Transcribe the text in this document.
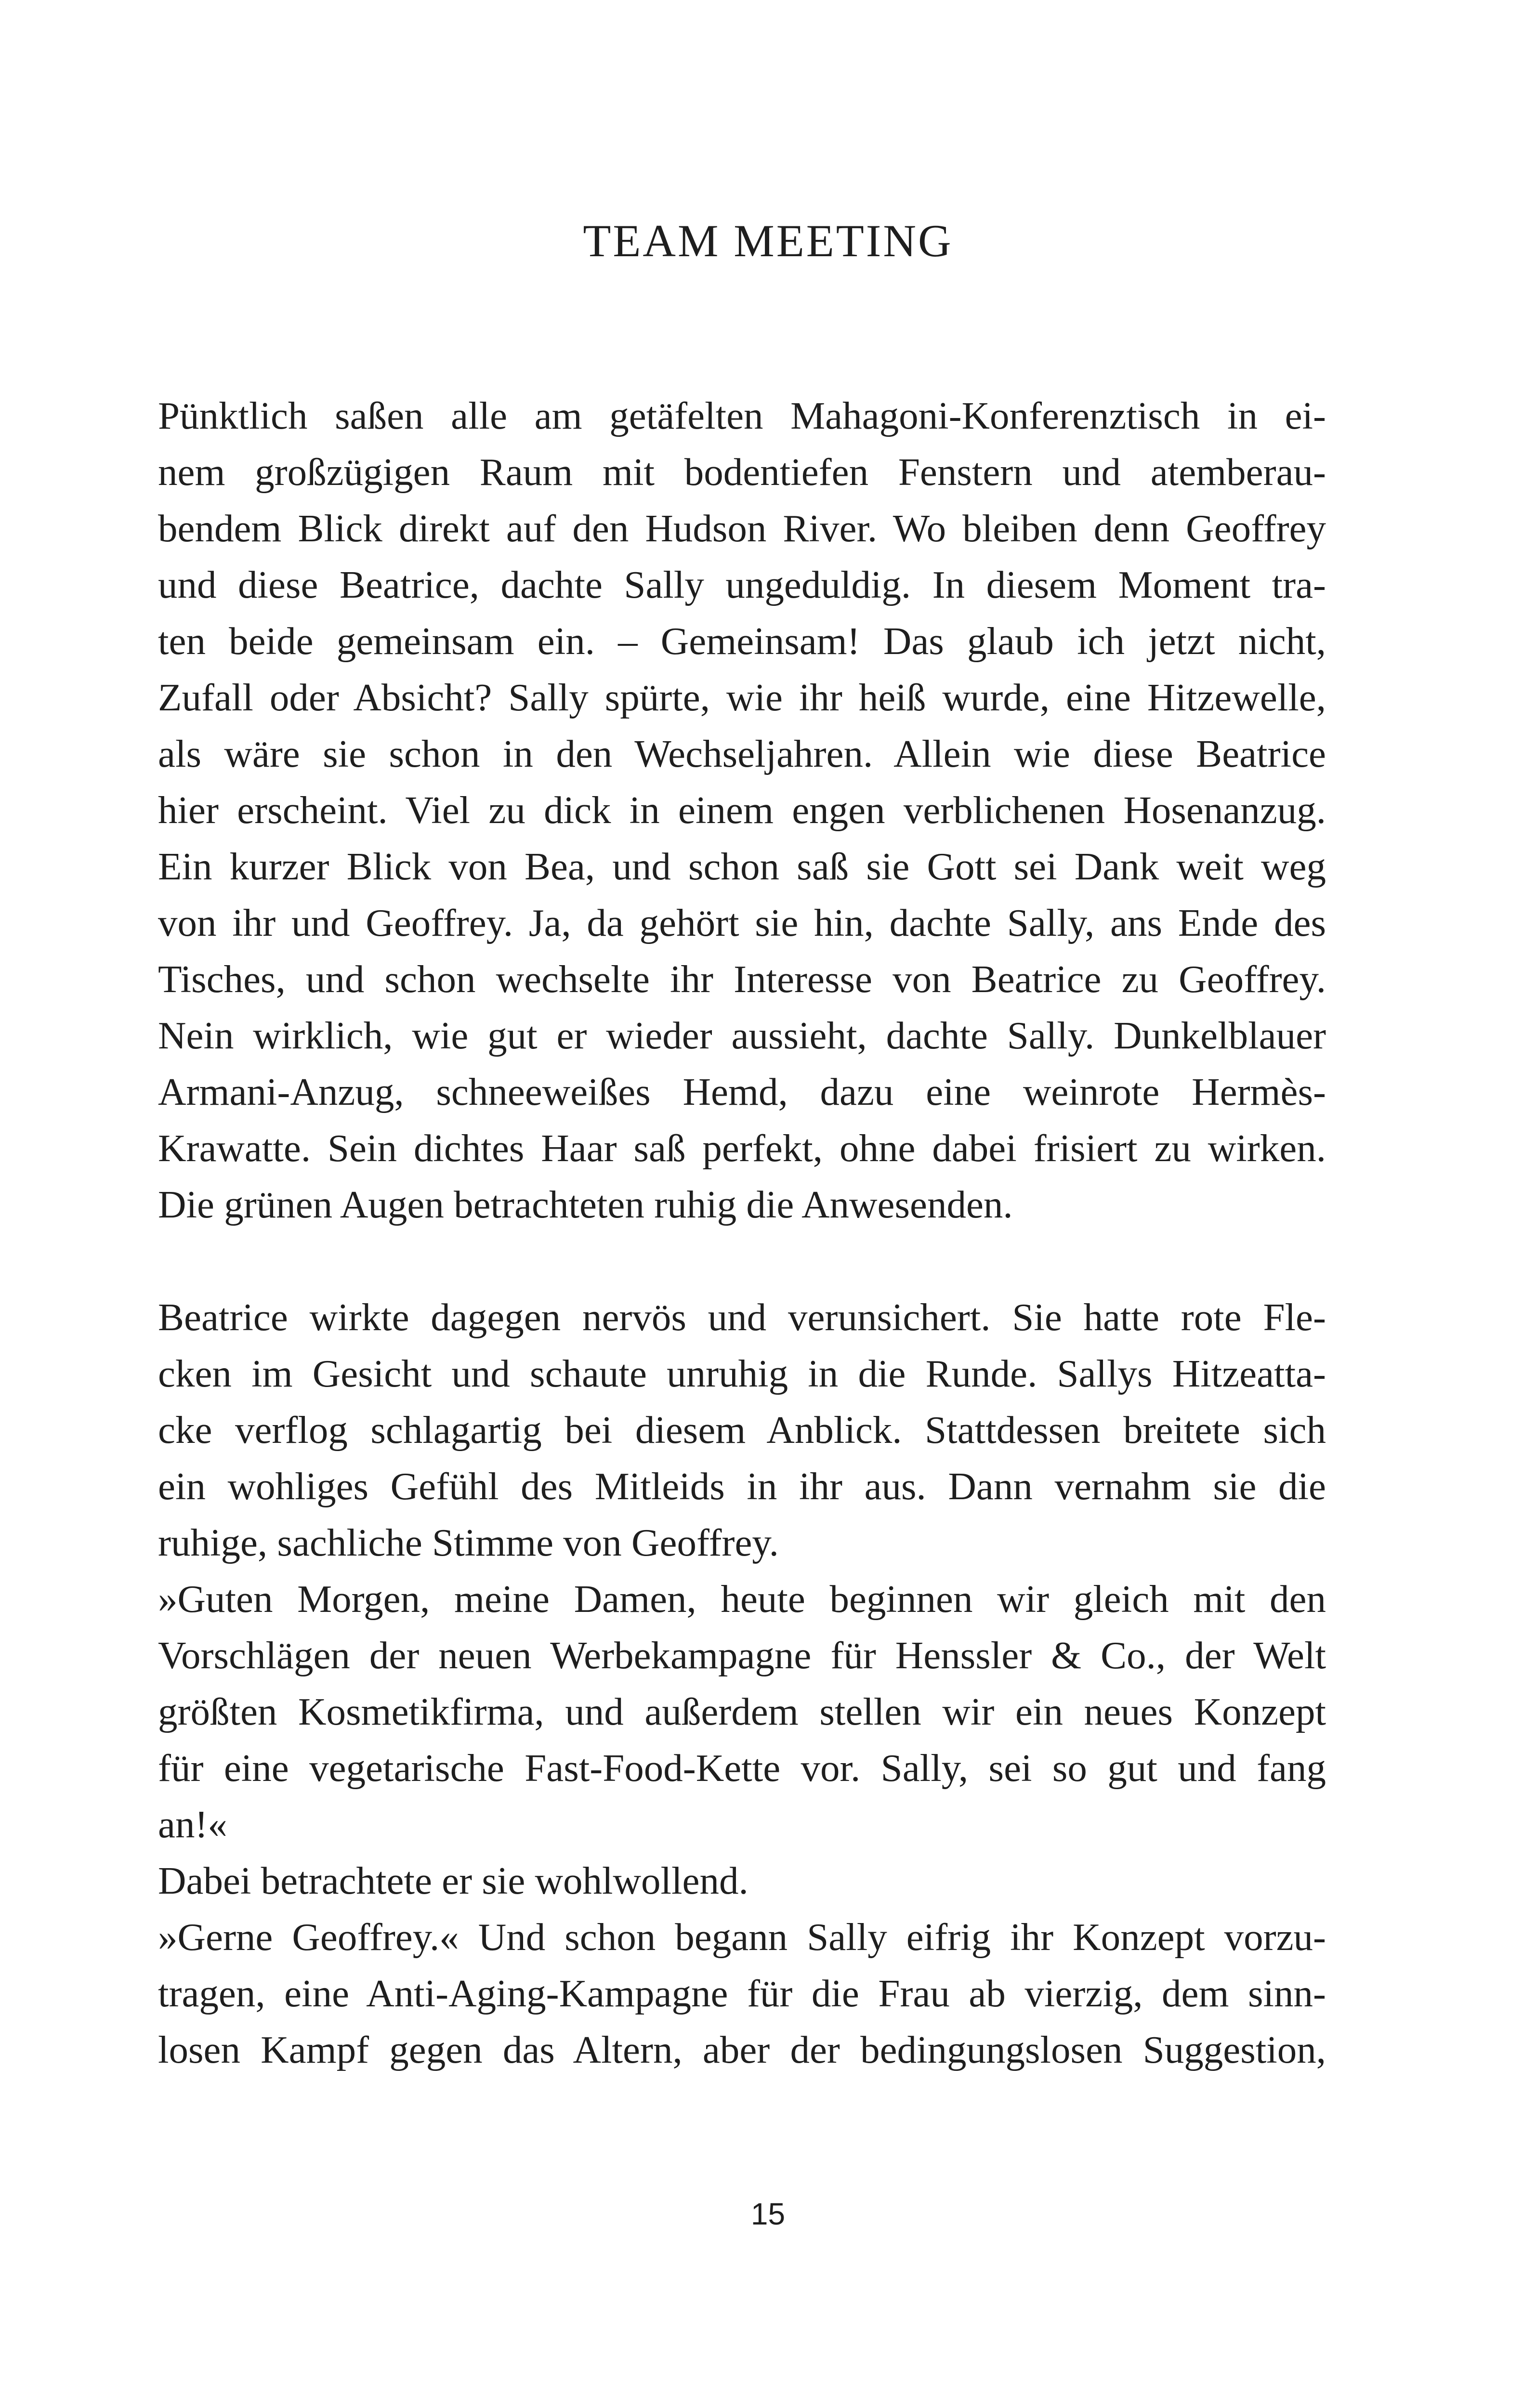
TEAM MEETING
Pünktlich saßen alle am getäfelten Mahagoni-Konferenztisch in ei-
nem großzügigen Raum mit bodentiefen Fenstern und atemberau-
bendem Blick direkt auf den Hudson River. Wo bleiben denn Geoffrey
und diese Beatrice, dachte Sally ungeduldig. In diesem Moment tra-
ten beide gemeinsam ein. – Gemeinsam! Das glaub ich jetzt nicht,
Zufall oder Absicht? Sally spürte, wie ihr heiß wurde, eine Hitzewelle,
als wäre sie schon in den Wechseljahren. Allein wie diese Beatrice
hier erscheint. Viel zu dick in einem engen verblichenen Hosenanzug.
Ein kurzer Blick von Bea, und schon saß sie Gott sei Dank weit weg
von ihr und Geoffrey. Ja, da gehört sie hin, dachte Sally, ans Ende des
Tisches, und schon wechselte ihr Interesse von Beatrice zu Geoffrey.
Nein wirklich, wie gut er wieder aussieht, dachte Sally. Dunkelblauer
Armani-Anzug, schneeweißes Hemd, dazu eine weinrote Hermès-
Krawatte. Sein dichtes Haar saß perfekt, ohne dabei frisiert zu wirken.
Die grünen Augen betrachteten ruhig die Anwesenden.
Beatrice wirkte dagegen nervös und verunsichert. Sie hatte rote Fle-
cken im Gesicht und schaute unruhig in die Runde. Sallys Hitzeatta-
cke verflog schlagartig bei diesem Anblick. Stattdessen breitete sich
ein wohliges Gefühl des Mitleids in ihr aus. Dann vernahm sie die
ruhige, sachliche Stimme von Geoffrey.
»Guten Morgen, meine Damen, heute beginnen wir gleich mit den
Vorschlägen der neuen Werbekampagne für Henssler & Co., der Welt
größten Kosmetikfirma, und außerdem stellen wir ein neues Konzept
für eine vegetarische Fast-Food-Kette vor. Sally, sei so gut und fang
an!«
Dabei betrachtete er sie wohlwollend.
»Gerne Geoffrey.« Und schon begann Sally eifrig ihr Konzept vorzu-
tragen, eine Anti-Aging-Kampagne für die Frau ab vierzig, dem sinn-
losen Kampf gegen das Altern, aber der bedingungslosen Suggestion,
15
